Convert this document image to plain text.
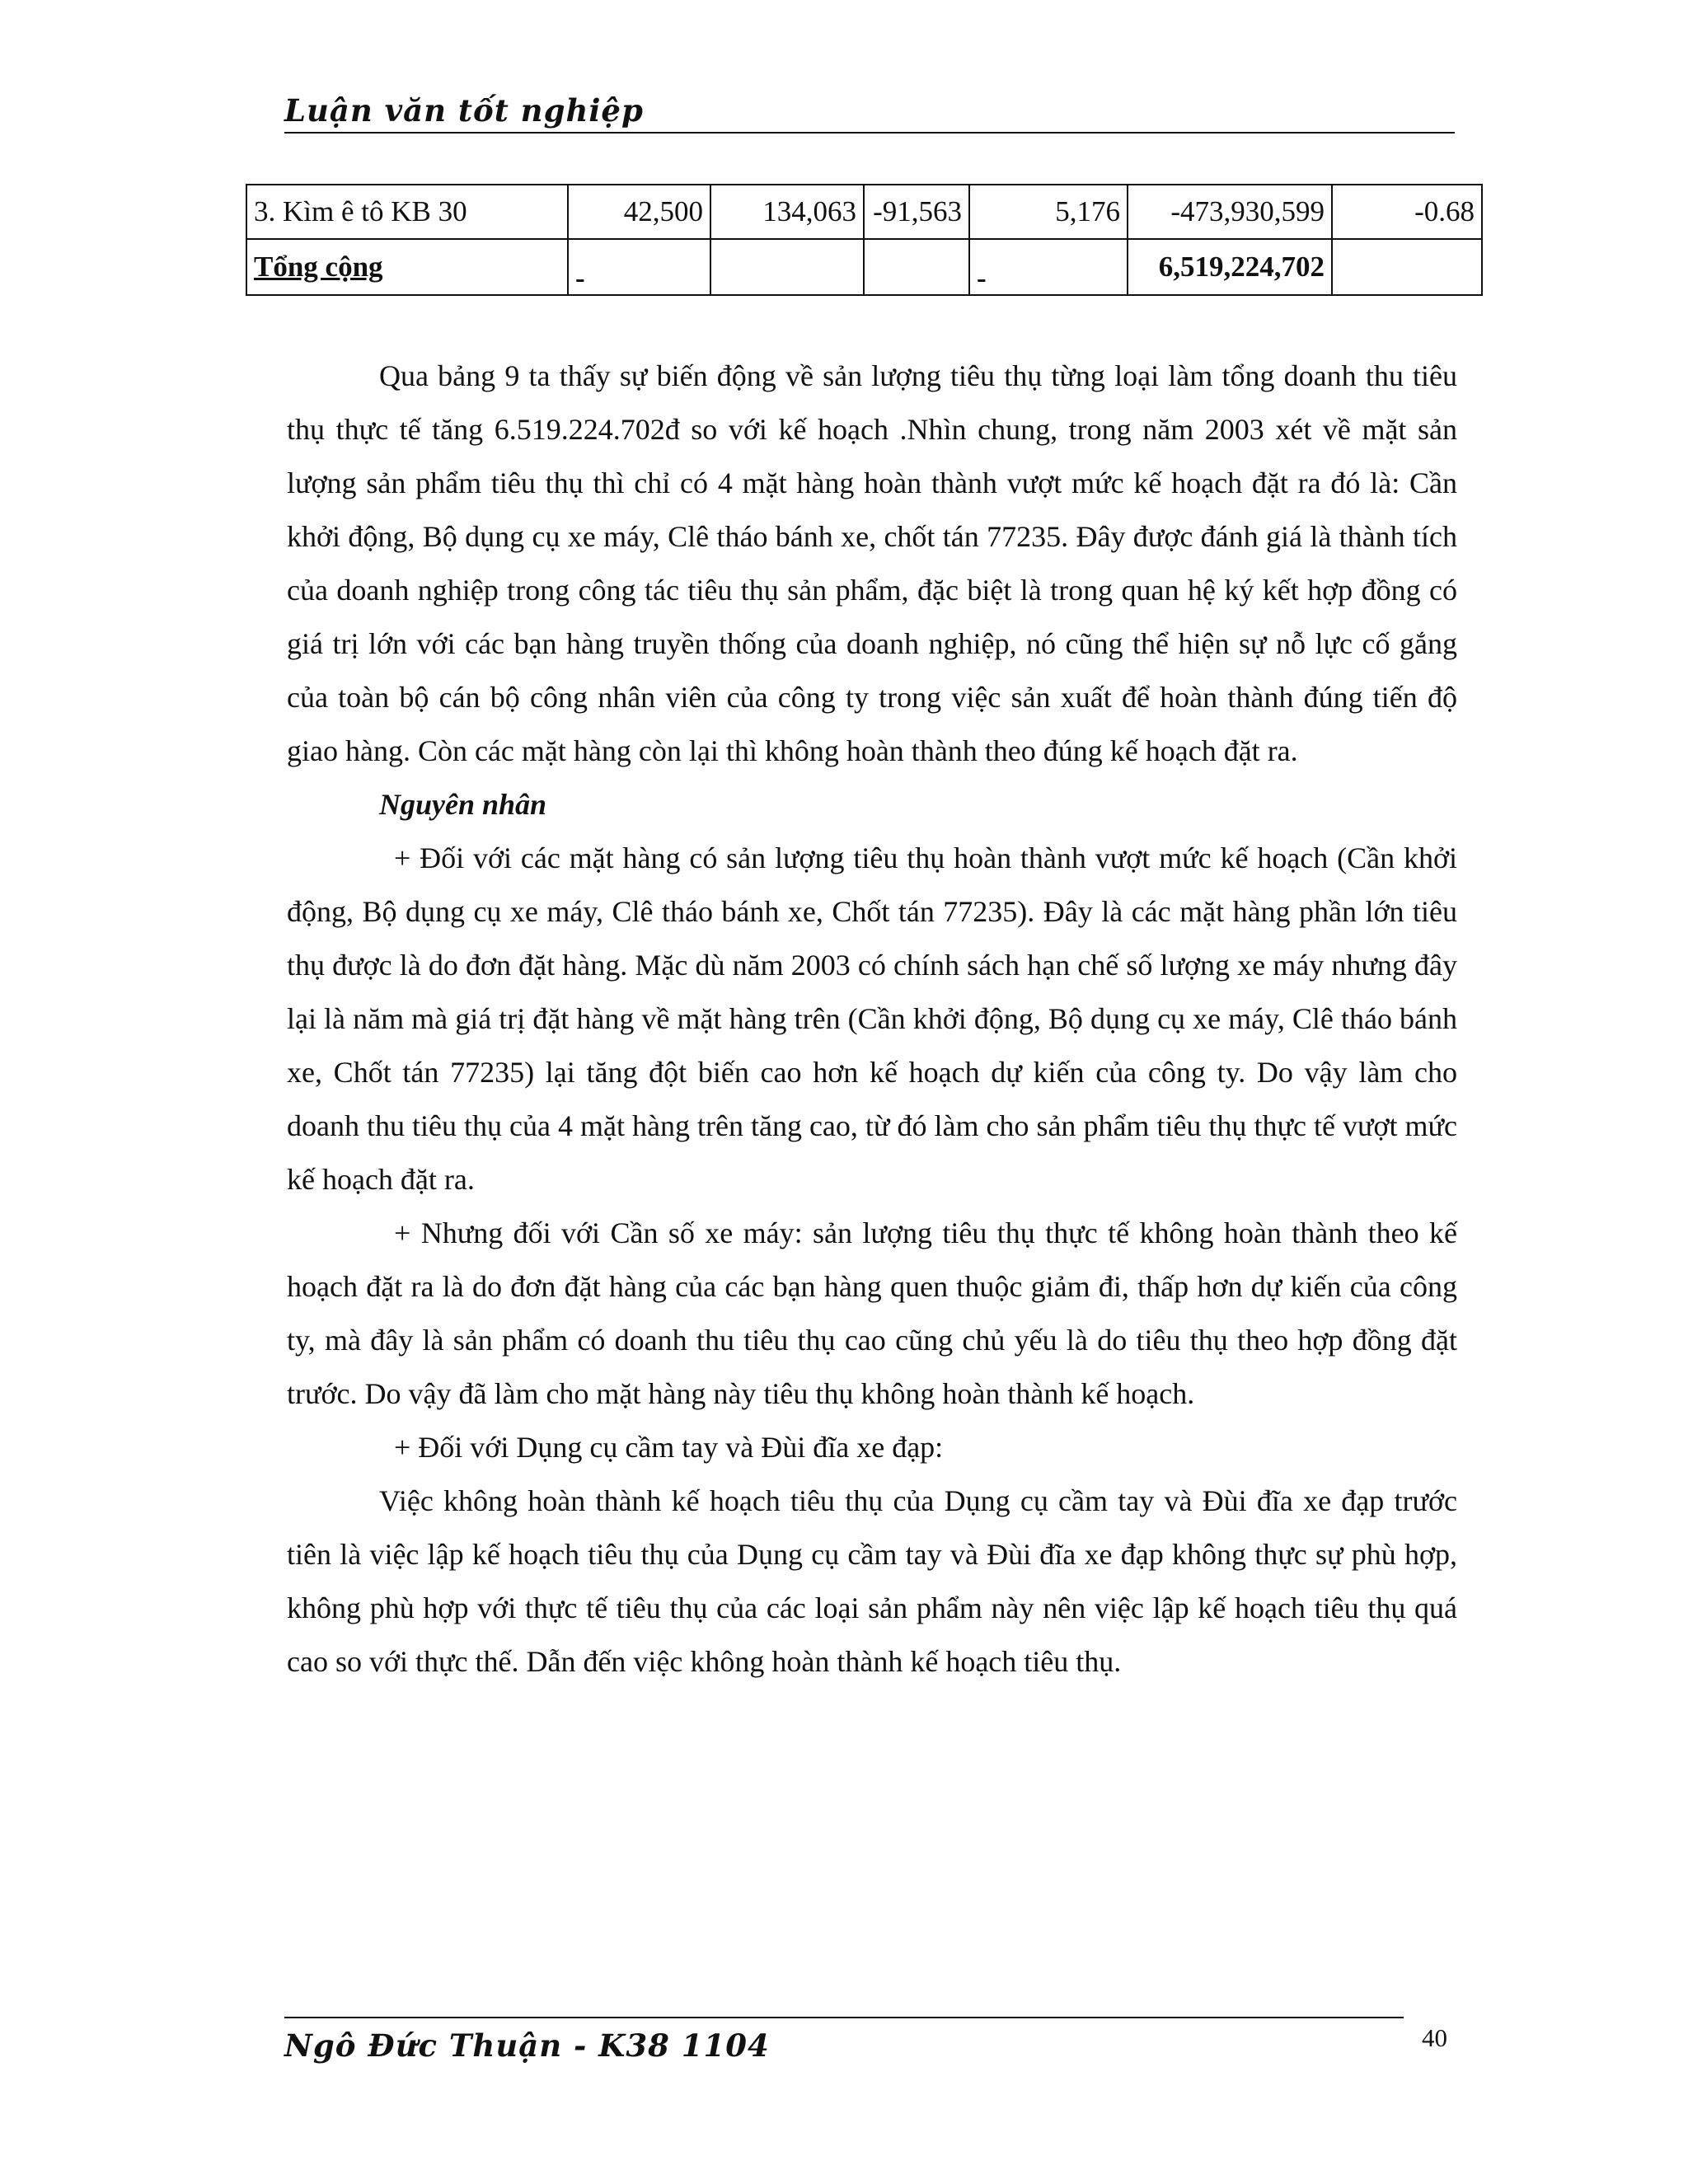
Luận văn tốt nghiệp
3. Kìm ê tô KB 30	42,500	134,063	-91,563	5,176	-473,930,599	-0.68
Tổng cộng	-			-	6,519,224,702	

Qua bảng 9 ta thấy sự biến động về sản lượng tiêu thụ từng loại làm tổng doanh thu tiêu thụ thực tế tăng 6.519.224.702đ so với kế hoạch .Nhìn chung, trong năm 2003 xét về mặt sản lượng sản phẩm tiêu thụ thì chỉ có 4 mặt hàng hoàn thành vượt mức kế hoạch đặt ra đó là: Cần khởi động, Bộ dụng cụ xe máy, Clê tháo bánh xe, chốt tán 77235. Đây được đánh giá là thành tích của doanh nghiệp trong công tác tiêu thụ sản phẩm, đặc biệt là trong quan hệ ký kết hợp đồng có giá trị lớn với các bạn hàng truyền thống của doanh nghiệp, nó cũng thể hiện sự nỗ lực cố gắng của toàn bộ cán bộ công nhân viên của công ty trong việc sản xuất để hoàn thành đúng tiến độ giao hàng. Còn các mặt hàng còn lại thì không hoàn thành theo đúng kế hoạch đặt ra.

Nguyên nhân

+ Đối với các mặt hàng có sản lượng tiêu thụ hoàn thành vượt mức kế hoạch (Cần khởi động, Bộ dụng cụ xe máy, Clê tháo bánh xe, Chốt tán 77235). Đây là các mặt hàng phần lớn tiêu thụ được là do đơn đặt hàng. Mặc dù năm 2003 có chính sách hạn chế số lượng xe máy nhưng đây lại là năm mà giá trị đặt hàng về mặt hàng trên (Cần khởi động, Bộ dụng cụ xe máy, Clê tháo bánh xe, Chốt tán 77235) lại tăng đột biến cao hơn kế hoạch dự kiến của công ty. Do vậy làm cho doanh thu tiêu thụ của 4 mặt hàng trên tăng cao, từ đó làm cho sản phẩm tiêu thụ thực tế vượt mức kế hoạch đặt ra.

+ Nhưng đối với Cần số xe máy: sản lượng tiêu thụ thực tế không hoàn thành theo kế hoạch đặt ra là do đơn đặt hàng của các bạn hàng quen thuộc giảm đi, thấp hơn dự kiến của công ty, mà đây là sản phẩm có doanh thu tiêu thụ cao cũng chủ yếu là do tiêu thụ theo hợp đồng đặt trước. Do vậy đã làm cho mặt hàng này tiêu thụ không hoàn thành kế hoạch.

+ Đối với Dụng cụ cầm tay và Đùi đĩa xe đạp:

Việc không hoàn thành kế hoạch tiêu thụ của Dụng cụ cầm tay và Đùi đĩa xe đạp trước tiên là việc lập kế hoạch tiêu thụ của Dụng cụ cầm tay và Đùi đĩa xe đạp không thực sự phù hợp, không phù hợp với thực tế tiêu thụ của các loại sản phẩm này nên việc lập kế hoạch tiêu thụ quá cao so với thực thế. Dẫn đến việc không hoàn thành kế hoạch tiêu thụ.

Ngô Đức Thuận - K38 1104	40
